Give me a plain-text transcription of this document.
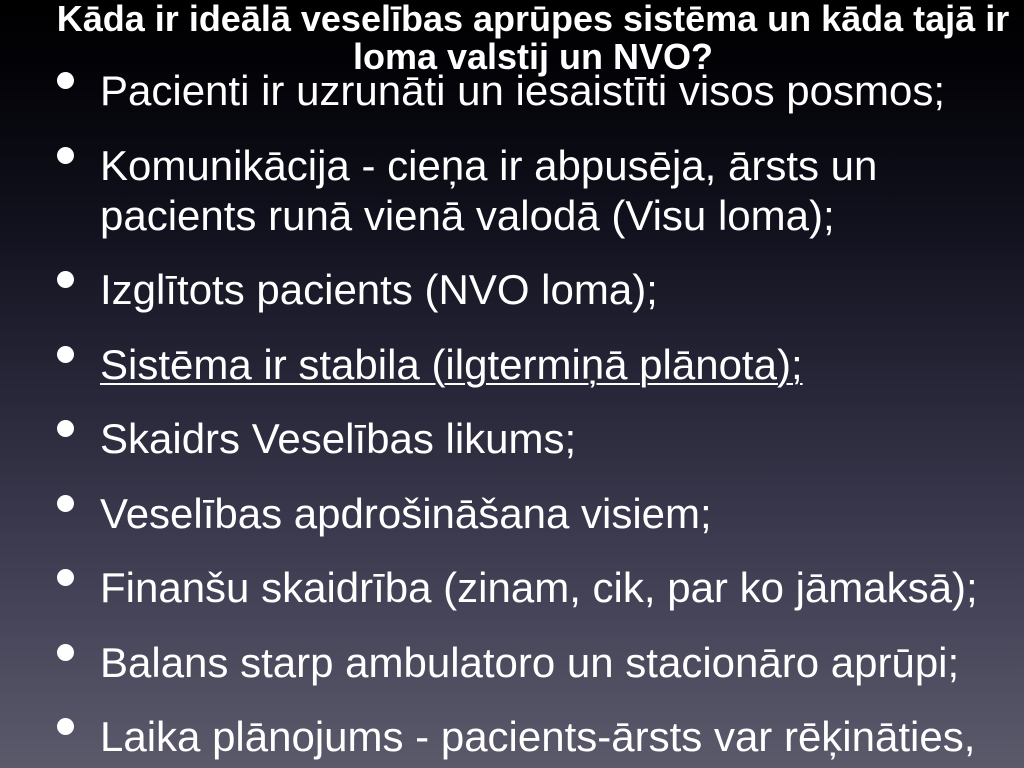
Kāda ir ideālā veselības aprūpes sistēma un kāda tajā ir loma valstij un NVO?
Pacienti ir uzrunāti un iesaistīti visos posmos;
Komunikācija - cieņa ir abpusēja, ārsts un pacients runā vienā valodā (Visu loma);
Izglītots pacients (NVO loma);
Sistēma ir stabila (ilgtermiņā plānota);
Skaidrs Veselības likums;
Veselības apdrošināšana visiem;
Finanšu skaidrība (zinam, cik, par ko jāmaksā);
Balans starp ambulatoro un stacionāro aprūpi;
Laika plānojums - pacients-ārsts var rēķināties,
